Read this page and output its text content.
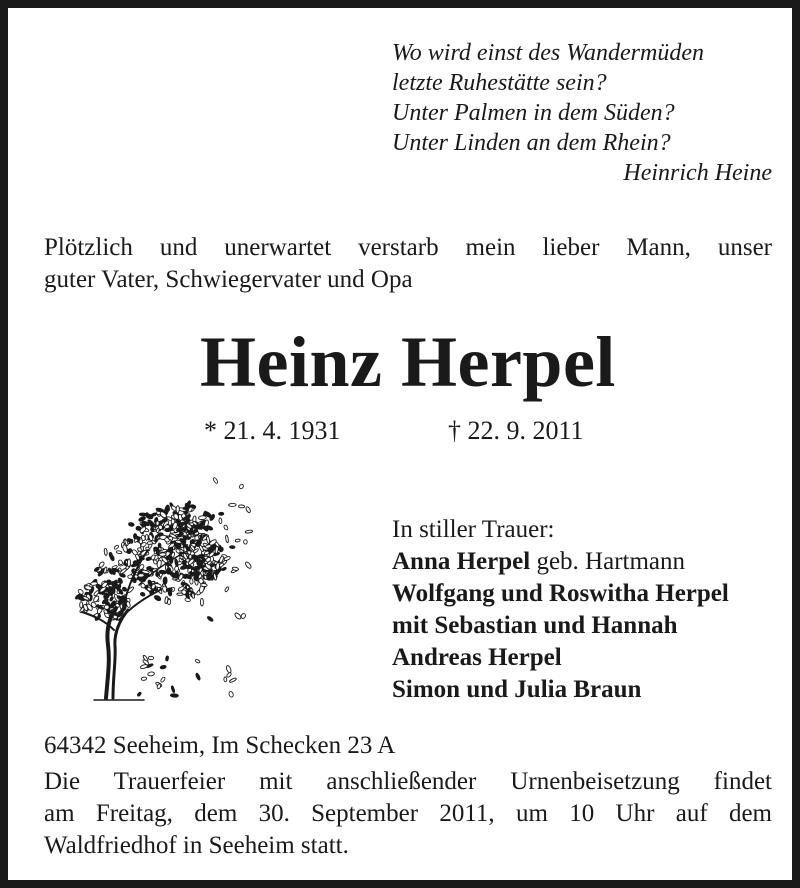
Wo wird einst des Wandermüden
letzte Ruhestätte sein?
Unter Palmen in dem Süden?
Unter Linden an dem Rhein?
Heinrich Heine
Plötzlich und unerwartet verstarb mein lieber Mann, unser
guter Vater, Schwiegervater und Opa
Heinz Herpel
* 21. 4. 1931	† 22. 9. 2011
In stiller Trauer:
Anna Herpel geb. Hartmann
Wolfgang und Roswitha Herpel
mit Sebastian und Hannah
Andreas Herpel
Simon und Julia Braun
64342 Seeheim, Im Schecken 23 A
Die Trauerfeier mit anschließender Urnenbeisetzung findet
am Freitag, dem 30. September 2011, um 10 Uhr auf dem
Waldfriedhof in Seeheim statt.
